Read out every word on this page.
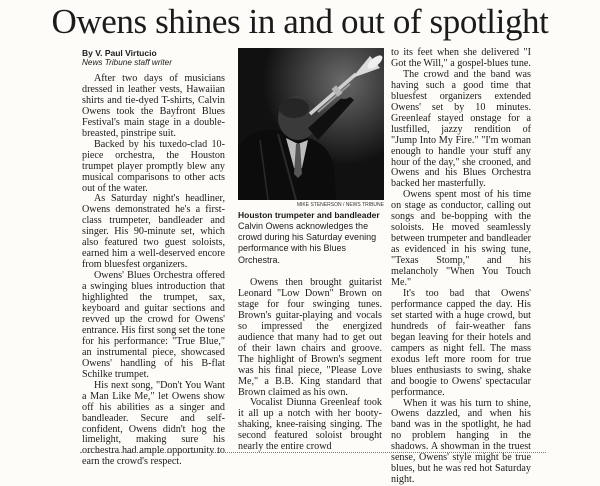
Owens shines in and out of spotlight
By V. Paul Virtucio
News Tribune staff writer

After two days of musicians dressed in leather vests, Hawaiian shirts and tie-dyed T-shirts, Calvin Owens took the Bayfront Blues Festival's main stage in a double-breasted, pinstripe suit.

Backed by his tuxedo-clad 10-piece orchestra, the Houston trumpet player promptly blew any musical comparisons to other acts out of the water.

As Saturday night's headliner, Owens demonstrated he's a first-class trumpeter, bandleader and singer. His 90-minute set, which also featured two guest soloists, earned him a well-deserved encore from bluesfest organizers.

Owens' Blues Orchestra offered a swinging blues introduction that highlighted the trumpet, sax, keyboard and guitar sections and revved up the crowd for Owens' entrance. His first song set the tone for his performance: "True Blue," an instrumental piece, showcased Owens' handling of his B-flat Schilke trumpet.

His next song, "Don't You Want a Man Like Me," let Owens show off his abilities as a singer and bandleader. Secure and self-confident, Owens didn't hog the limelight, making sure his orchestra had ample opportunity to earn the crowd's respect.

MIKE STENERSON / NEWS TRIBUNE
Houston trumpeter and bandleader
Calvin Owens acknowledges the crowd during his Saturday evening performance with his Blues Orchestra.

Owens then brought guitarist Leonard "Low Down" Brown on stage for four swinging tunes. Brown's guitar-playing and vocals so impressed the energized audience that many had to get out of their lawn chairs and groove. The highlight of Brown's segment was his final piece, "Please Love Me," a B.B. King standard that Brown claimed as his own.

Vocalist Diunna Greenleaf took it all up a notch with her booty-shaking, knee-raising singing. The second featured soloist brought nearly the entire crowd

to its feet when she delivered "I Got the Will," a gospel-blues tune.

The crowd and the band was having such a good time that bluesfest organizers extended Owens' set by 10 minutes. Greenleaf stayed onstage for a lustfilled, jazzy rendition of "Jump Into My Fire." "I'm woman enough to handle your stuff any hour of the day," she crooned, and Owens and his Blues Orchestra backed her masterfully.

Owens spent most of his time on stage as conductor, calling out songs and be-bopping with the soloists. He moved seamlessly between trumpeter and bandleader as evidenced in his swing tune, "Texas Stomp," and his melancholy "When You Touch Me."

It's too bad that Owens' performance capped the day. His set started with a huge crowd, but hundreds of fair-weather fans began leaving for their hotels and campers as night fell. The mass exodus left more room for true blues enthusiasts to swing, shake and boogie to Owens' spectacular performance.

When it was his turn to shine, Owens dazzled, and when his band was in the spotlight, he had no problem hanging in the shadows. A showman in the truest sense, Owens' style might be true blues, but he was red hot Saturday night.
